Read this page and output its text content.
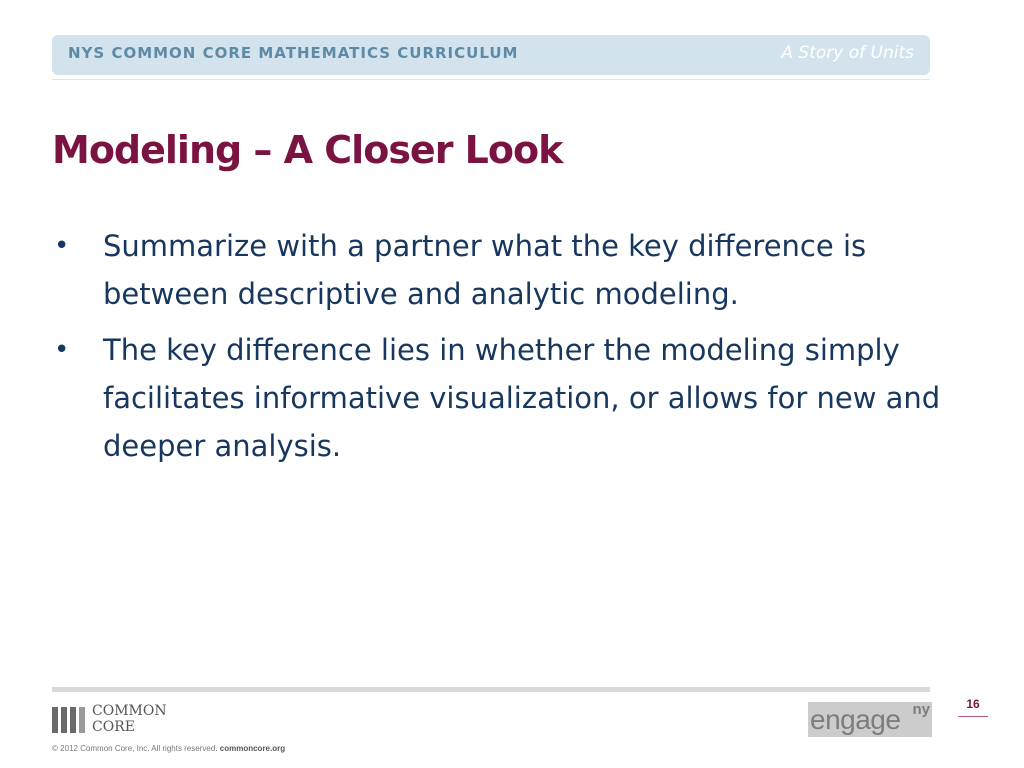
NYS COMMON CORE MATHEMATICS CURRICULUM	A Story of Units
Modeling – A Closer Look
• Summarize with a partner what the key difference is between descriptive and analytic modeling.
• The key difference lies in whether the modeling simply facilitates informative visualization, or allows for new and deeper analysis.
COMMON
CORE
© 2012 Common Core, Inc. All rights reserved. commoncore.org
engage ny	16
